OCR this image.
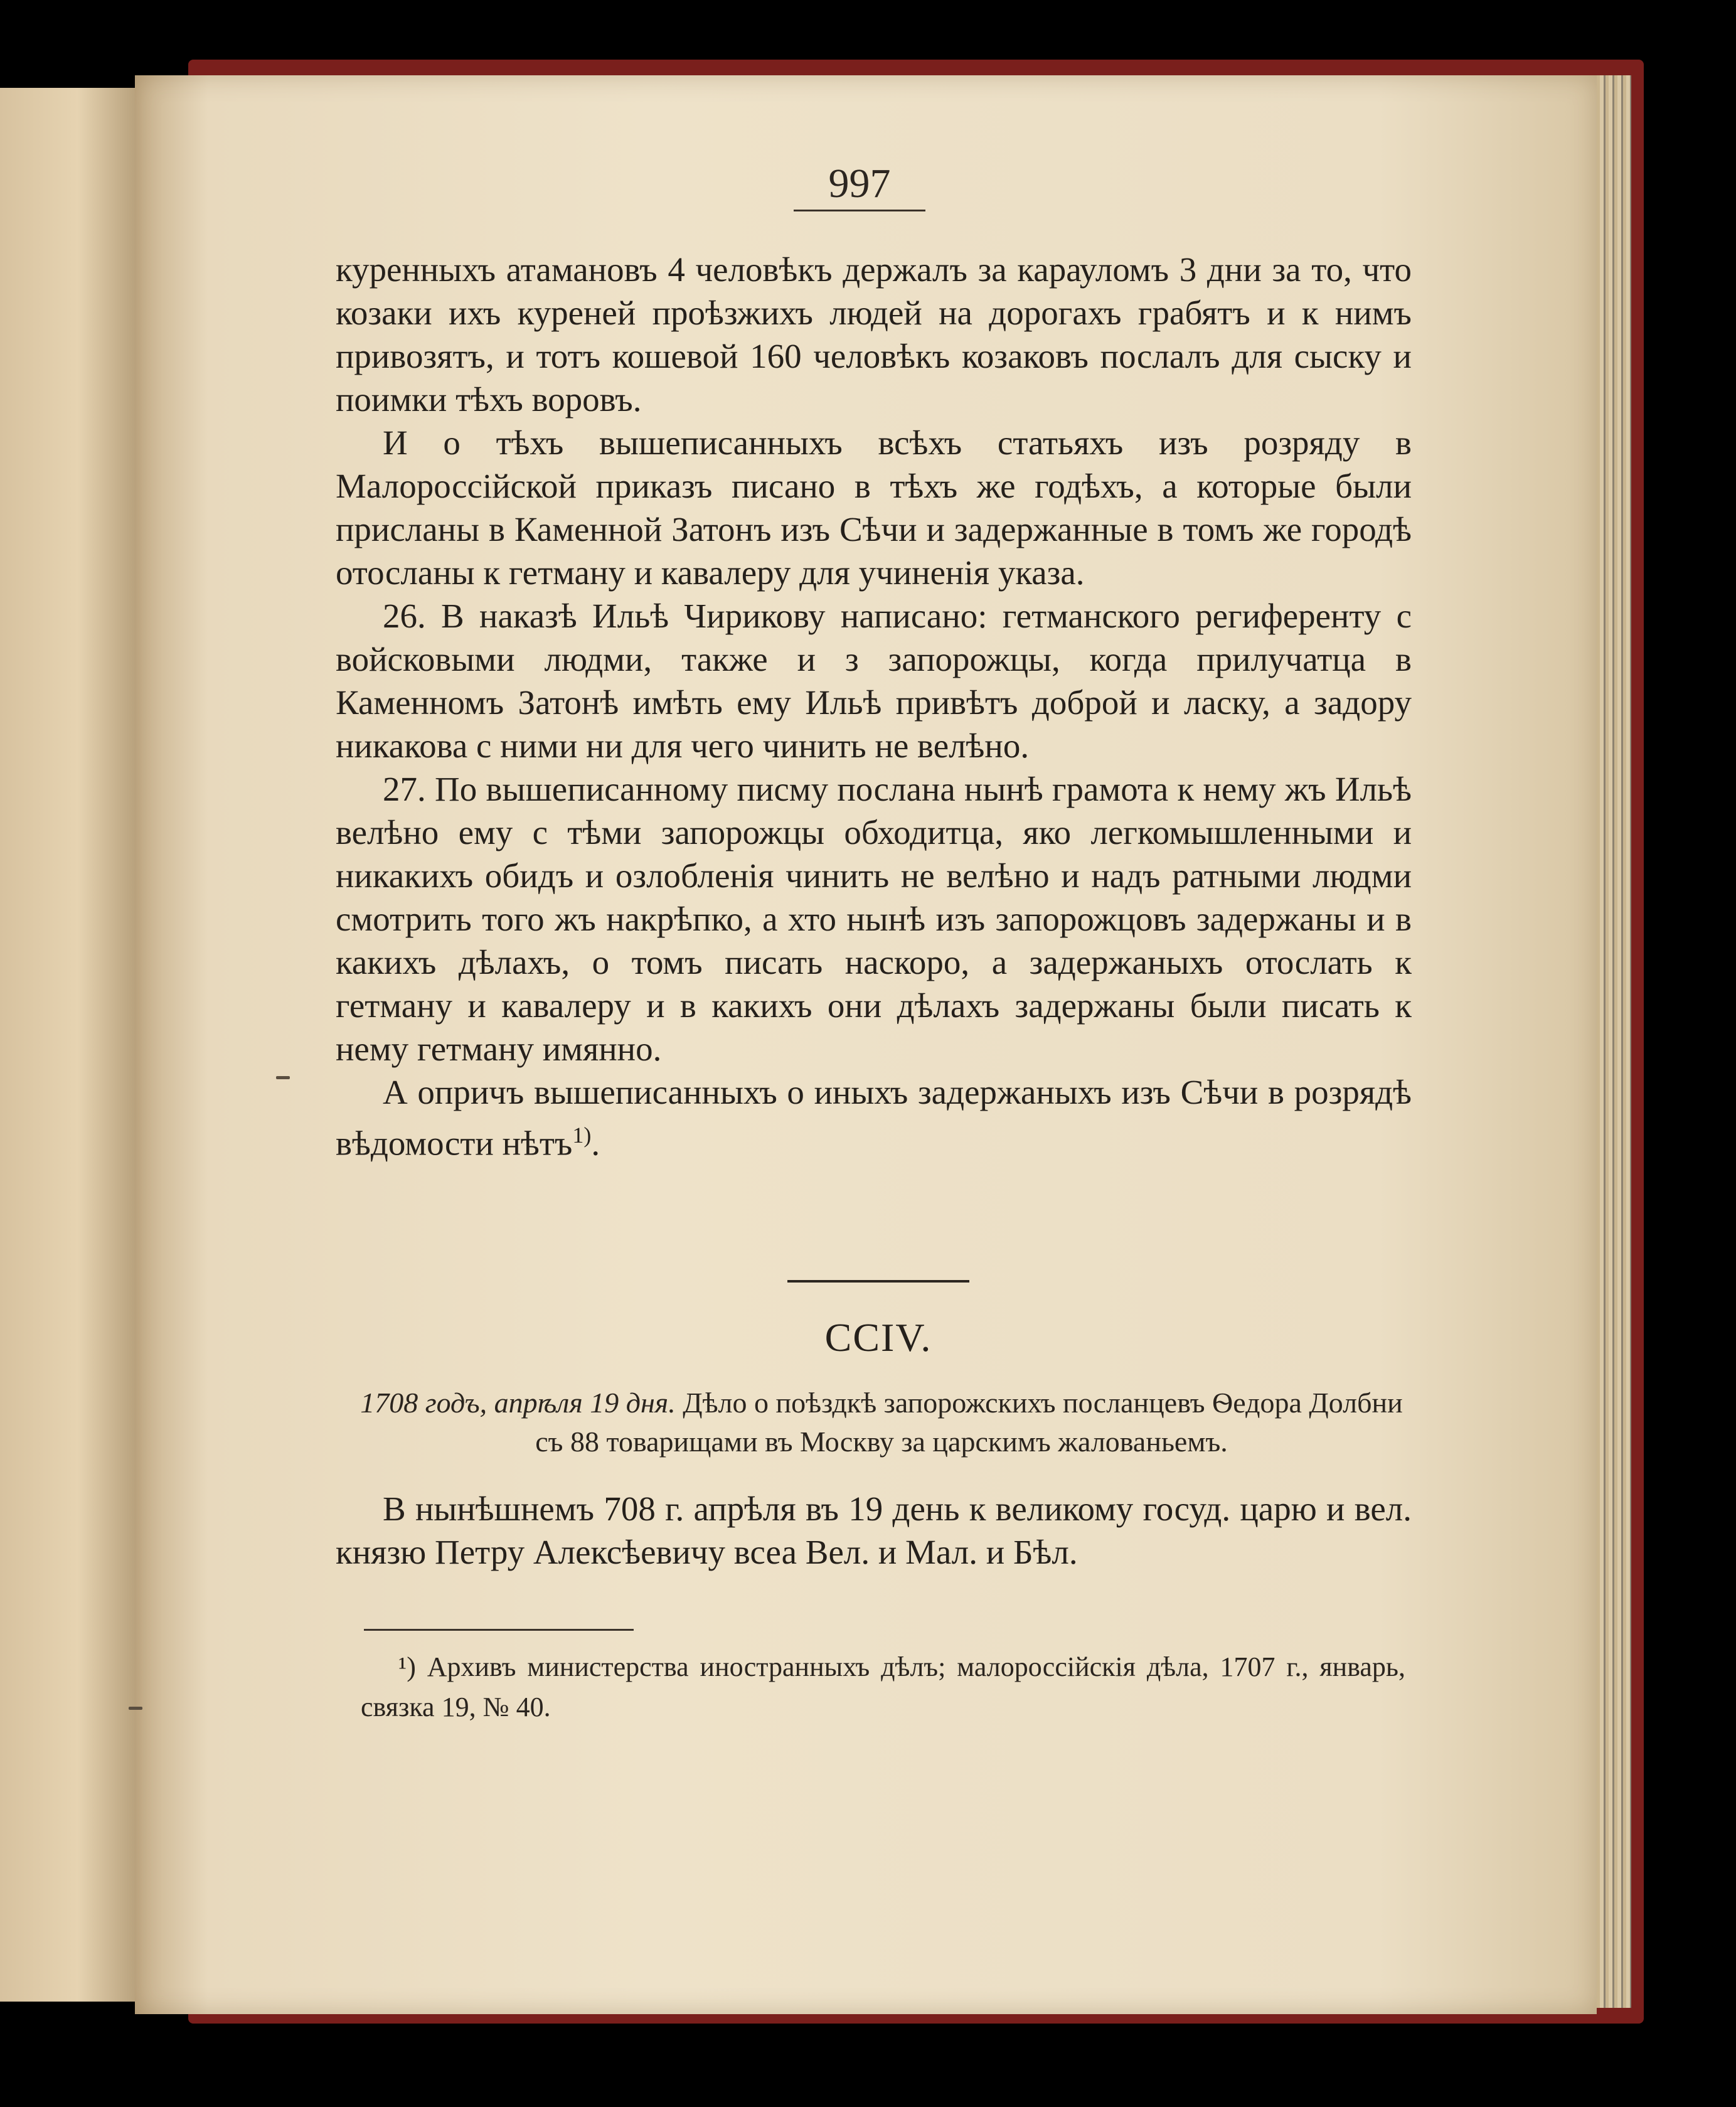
997

куренныхъ атамановъ 4 человѣкъ держалъ за карауломъ 3 дни за то, что козаки ихъ куреней проѣзжихъ людей на дорогахъ грабятъ и к нимъ привозятъ, и тотъ кошевой 160 человѣкъ козаковъ послалъ для сыску и поимки тѣхъ воровъ.

И о тѣхъ вышеписанныхъ всѣхъ статьяхъ изъ розряду в Малороссійской приказъ писано в тѣхъ же годѣхъ, а которые были присланы в Каменной Затонъ изъ Сѣчи и задержанные в томъ же городѣ отосланы к гетману и кавалеру для учиненія указа.

26. В наказѣ Ильѣ Чирикову написано: гетманского региференту с войсковыми людми, также и з запорожцы, когда прилучатца в Каменномъ Затонѣ имѣть ему Ильѣ привѣтъ доброй и ласку, а задору никакова с ними ни для чего чинить не велѣно.

27. По вышеписанному писму послана нынѣ грамота к нему жъ Ильѣ велѣно ему с тѣми запорожцы обходитца, яко легкомышленными и никакихъ обидъ и озлобленія чинить не велѣно и надъ ратными людми смотрить того жъ накрѣпко, а хто нынѣ изъ запорожцовъ задержаны и в какихъ дѣлахъ, о томъ писать наскоро, а задержаныхъ отослать к гетману и кавалеру и в какихъ они дѣлахъ задержаны были писать к нему гетману имянно.

А опричъ вышеписанныхъ о иныхъ задержаныхъ изъ Сѣчи в розрядѣ вѣдомости нѣтъ$^{1)}$.

CCIV.
1708 годъ, апрѣля 19 дня. Дѣло о поѣздкѣ запорожскихъ посланцевъ Ѳедора Долбни съ 88 товарищами въ Москву за царскимъ жалованьемъ.

В нынѣшнемъ 708 г. апрѣля въ 19 день к великому госуд. царю и вел. князю Петру Алексѣевичу всеа Вел. и Мал. и Бѣл.

¹) Архивъ министерства иностранныхъ дѣлъ; малороссійскія дѣла, 1707 г., январь, связка 19, № 40.
